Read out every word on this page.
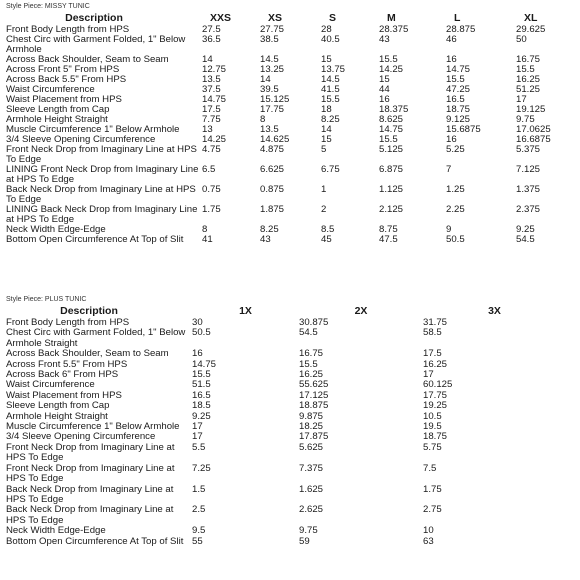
Style Piece: MISSY TUNIC
Description	XXS	XS	S	M	L	XL
Front Body Length from HPS	27.5	27.75	28	28.375	28.875	29.625
Chest Circ with Garment Folded, 1" Below Armhole	36.5	38.5	40.5	43	46	50
Across Back Shoulder, Seam to Seam	14	14.5	15	15.5	16	16.75
Across Front 5" From HPS	12.75	13.25	13.75	14.25	14.75	15.5
Across Back 5.5" From HPS	13.5	14	14.5	15	15.5	16.25
Waist Circumference	37.5	39.5	41.5	44	47.25	51.25
Waist Placement from HPS	14.75	15.125	15.5	16	16.5	17
Sleeve Length from Cap	17.5	17.75	18	18.375	18.75	19.125
Armhole Height Straight	7.75	8	8.25	8.625	9.125	9.75
Muscle Circumference 1" Below Armhole	13	13.5	14	14.75	15.6875	17.0625
3/4 Sleeve Opening Circumference	14.25	14.625	15	15.5	16	16.6875
Front Neck Drop from Imaginary Line at HPS To Edge	4.75	4.875	5	5.125	5.25	5.375
LINING Front Neck Drop from Imaginary Line at HPS To Edge	6.5	6.625	6.75	6.875	7	7.125
Back Neck Drop from Imaginary Line at HPS To Edge	0.75	0.875	1	1.125	1.25	1.375
LINING Back Neck Drop from Imaginary Line at HPS To Edge	1.75	1.875	2	2.125	2.25	2.375
Neck Width Edge-Edge	8	8.25	8.5	8.75	9	9.25
Bottom Open Circumference At Top of Slit	41	43	45	47.5	50.5	54.5
Style Piece: PLUS TUNIC
Description	1X	2X	3X
Front Body Length from HPS	30	30.875	31.75
Chest Circ with Garment Folded, 1" Below Armhole Straight	50.5	54.5	58.5
Across Back Shoulder, Seam to Seam	16	16.75	17.5
Across Front 5.5" From HPS	14.75	15.5	16.25
Across Back 6" From HPS	15.5	16.25	17
Waist Circumference	51.5	55.625	60.125
Waist Placement from HPS	16.5	17.125	17.75
Sleeve Length from Cap	18.5	18.875	19.25
Armhole Height Straight	9.25	9.875	10.5
Muscle Circumference 1" Below Armhole	17	18.25	19.5
3/4 Sleeve Opening Circumference	17	17.875	18.75
Front Neck Drop from Imaginary Line at HPS To Edge	5.5	5.625	5.75
Front Neck Drop from Imaginary Line at HPS To Edge	7.25	7.375	7.5
Back Neck Drop from Imaginary Line at HPS To Edge	1.5	1.625	1.75
Back Neck Drop from Imaginary Line at HPS To Edge	2.5	2.625	2.75
Neck Width Edge-Edge	9.5	9.75	10
Bottom Open Circumference At Top of Slit	55	59	63
